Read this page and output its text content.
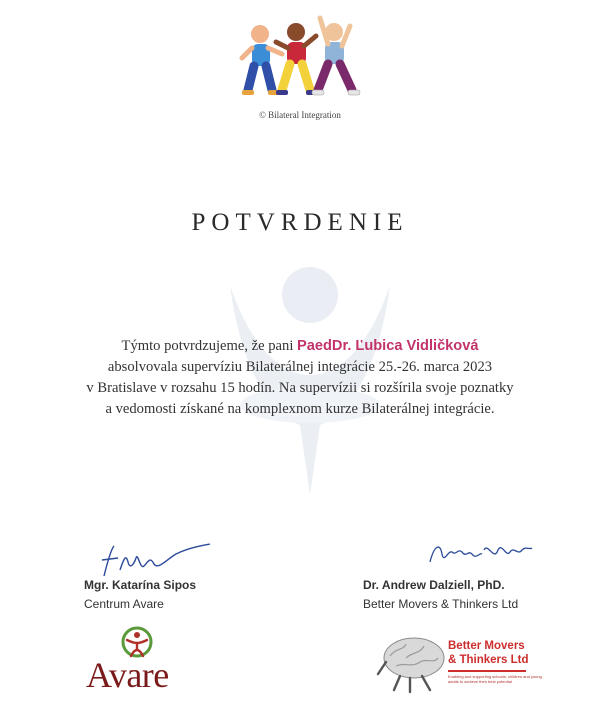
© Bilateral Integration
POTVRDENIE
Týmto potvrdzujeme, že pani PaedDr. Ľubica Vidličková
absolvovala supervíziu Bilaterálnej integrácie 25.-26. marca 2023
v Bratislave v rozsahu 15 hodín. Na supervízii si rozšírila svoje poznatky
a vedomosti získané na komplexnom kurze Bilaterálnej integrácie.
Mgr. Katarína Sipos
Centrum Avare
Dr. Andrew Dalziell, PhD.
Better Movers & Thinkers Ltd
Avare
Better Movers
& Thinkers Ltd
Enabling and supporting schools, children and young adults to achieve their best potential
